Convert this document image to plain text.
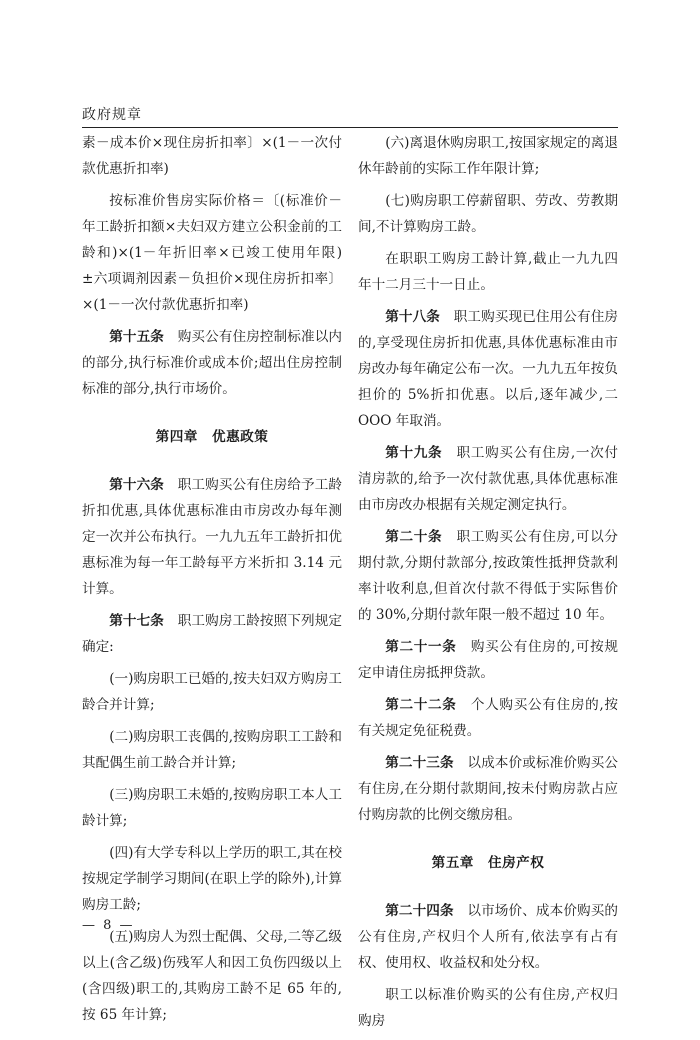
政府规章

素－成本价×现住房折扣率〕×(1－一次付款优惠折扣率)

按标准价售房实际价格＝〔(标准价－年工龄折扣额×夫妇双方建立公积金前的工龄和)×(1－年折旧率×已竣工使用年限)±六项调剂因素－负担价×现住房折扣率〕×(1－一次付款优惠折扣率)

第十五条　 购买公有住房控制标准以内的部分,执行标准价或成本价;超出住房控制标准的部分,执行市场价。

第四章　优惠政策

第十六条　 职工购买公有住房给予工龄折扣优惠,具体优惠标准由市房改办每年测定一次并公布执行。一九九五年工龄折扣优惠标准为每一年工龄每平方米折扣 3.14 元计算。

第十七条　 职工购房工龄按照下列规定确定:

(一)购房职工已婚的,按夫妇双方购房工龄合并计算;

(二)购房职工丧偶的,按购房职工工龄和其配偶生前工龄合并计算;

(三)购房职工未婚的,按购房职工本人工龄计算;

(四)有大学专科以上学历的职工,其在校按规定学制学习期间(在职上学的除外),计算购房工龄;

(五)购房人为烈士配偶、父母,二等乙级以上(含乙级)伤残军人和因工负伤四级以上(含四级)职工的,其购房工龄不足 65 年的,按 65 年计算;

(六)离退休购房职工,按国家规定的离退休年龄前的实际工作年限计算;

(七)购房职工停薪留职、劳改、劳教期间,不计算购房工龄。

在职职工购房工龄计算,截止一九九四年十二月三十一日止。

第十八条　 职工购买现已住用公有住房的,享受现住房折扣优惠,具体优惠标准由市房改办每年确定公布一次。一九九五年按负担价的 5%折扣优惠。以后,逐年减少,二 OOO 年取消。

第十九条　 职工购买公有住房,一次付清房款的,给予一次付款优惠,具体优惠标准由市房改办根据有关规定测定执行。

第二十条　 职工购买公有住房,可以分期付款,分期付款部分,按政策性抵押贷款利率计收利息,但首次付款不得低于实际售价的 30%,分期付款年限一般不超过 10 年。

第二十一条　 购买公有住房的,可按规定申请住房抵押贷款。

第二十二条　 个人购买公有住房的,按有关规定免征税费。

第二十三条　 以成本价或标准价购买公有住房,在分期付款期间,按未付购房款占应付购房款的比例交缴房租。

第五章　住房产权

第二十四条　 以市场价、成本价购买的公有住房,产权归个人所有,依法享有占有权、使用权、收益权和处分权。

职工以标准价购买的公有住房,产权归购房

— 8 —
